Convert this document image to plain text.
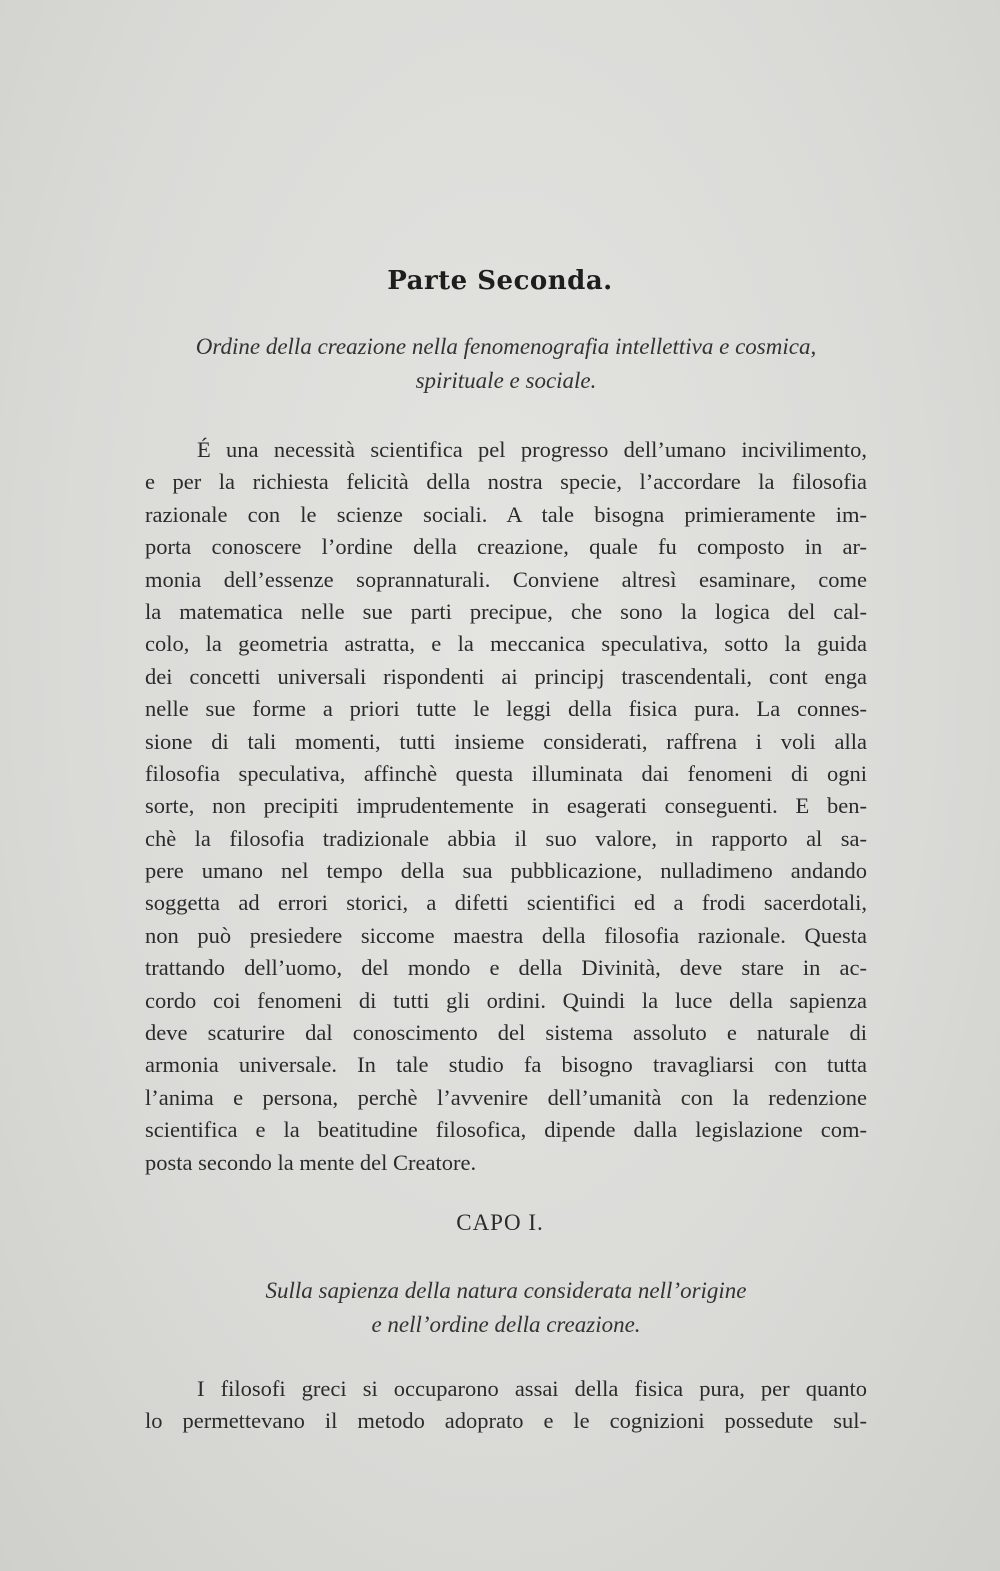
Parte Seconda.
Ordine della creazione nella fenomenografia intellettiva e cosmica,
spirituale e sociale.
É una necessità scientifica pel progresso dell’umano incivilimento,
e per la richiesta felicità della nostra specie, l’accordare la filosofia
razionale con le scienze sociali. A tale bisogna primieramente im-
porta conoscere l’ordine della creazione, quale fu composto in ar-
monia dell’essenze soprannaturali. Conviene altresì esaminare, come
la matematica nelle sue parti precipue, che sono la logica del cal-
colo, la geometria astratta, e la meccanica speculativa, sotto la guida
dei concetti universali rispondenti ai principj trascendentali, cont enga
nelle sue forme a priori tutte le leggi della fisica pura. La connes-
sione di tali momenti, tutti insieme considerati, raffrena i voli alla
filosofia speculativa, affinchè questa illuminata dai fenomeni di ogni
sorte, non precipiti imprudentemente in esagerati conseguenti. E ben-
chè la filosofia tradizionale abbia il suo valore, in rapporto al sa-
pere umano nel tempo della sua pubblicazione, nulladimeno andando
soggetta ad errori storici, a difetti scientifici ed a frodi sacerdotali,
non può presiedere siccome maestra della filosofia razionale. Questa
trattando dell’uomo, del mondo e della Divinità, deve stare in ac-
cordo coi fenomeni di tutti gli ordini. Quindi la luce della sapienza
deve scaturire dal conoscimento del sistema assoluto e naturale di
armonia universale. In tale studio fa bisogno travagliarsi con tutta
l’anima e persona, perchè l’avvenire dell’umanità con la redenzione
scientifica e la beatitudine filosofica, dipende dalla legislazione com-
posta secondo la mente del Creatore.
CAPO I.
Sulla sapienza della natura considerata nell’origine
e nell’ordine della creazione.
I filosofi greci si occuparono assai della fisica pura, per quanto
lo permettevano il metodo adoprato e le cognizioni possedute sul-
